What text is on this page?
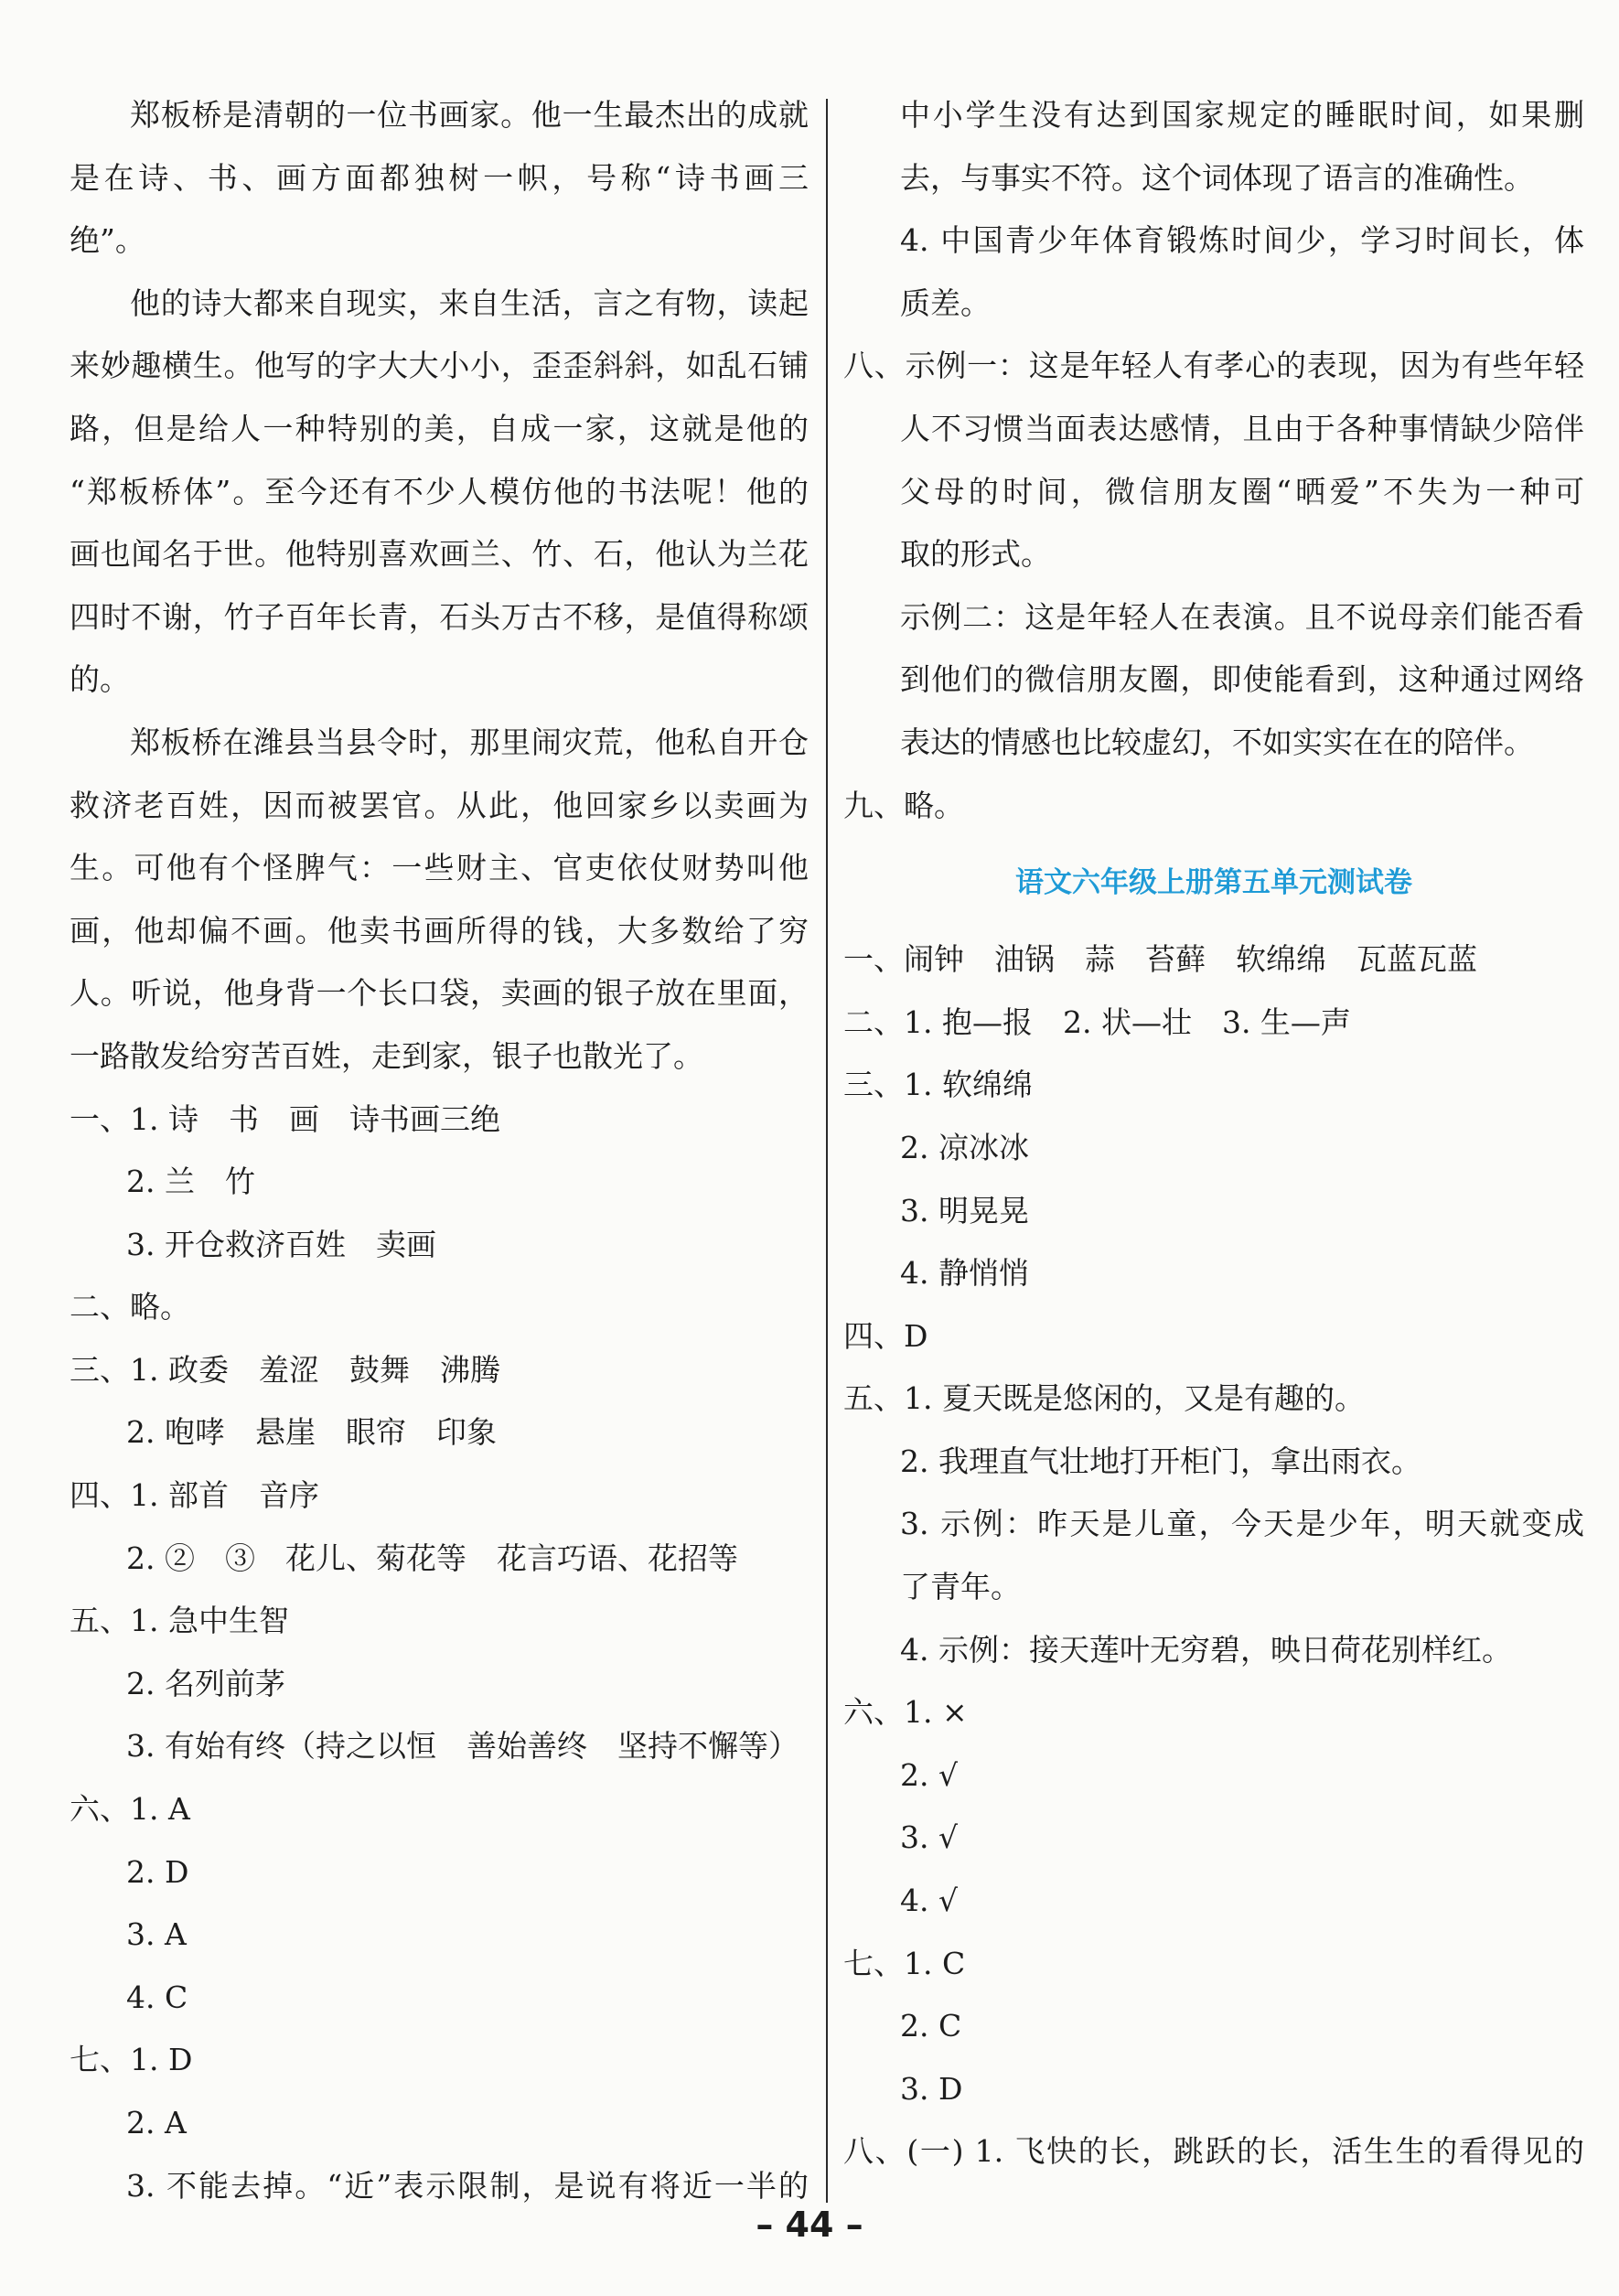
郑板桥是清朝的一位书画家。他一生最杰出的成就
是在诗、书、画方面都独树一帜，号称“诗书画三
绝”。
他的诗大都来自现实，来自生活，言之有物，读起
来妙趣横生。他写的字大大小小，歪歪斜斜，如乱石铺
路，但是给人一种特别的美，自成一家，这就是他的
“郑板桥体”。至今还有不少人模仿他的书法呢！他的
画也闻名于世。他特别喜欢画兰、竹、石，他认为兰花
四时不谢，竹子百年长青，石头万古不移，是值得称颂
的。
郑板桥在潍县当县令时，那里闹灾荒，他私自开仓
救济老百姓，因而被罢官。从此，他回家乡以卖画为
生。可他有个怪脾气：一些财主、官吏依仗财势叫他
画，他却偏不画。他卖书画所得的钱，大多数给了穷
人。听说，他身背一个长口袋，卖画的银子放在里面，
一路散发给穷苦百姓，走到家，银子也散光了。
一、1. 诗　书　画　诗书画三绝
2. 兰　竹
3. 开仓救济百姓　卖画
二、略。
三、1. 政委　羞涩　鼓舞　沸腾
2. 咆哮　悬崖　眼帘　印象
四、1. 部首　音序
2. ②　③　花儿、菊花等　花言巧语、花招等
五、1. 急中生智
2. 名列前茅
3. 有始有终（持之以恒　善始善终　坚持不懈等）
六、1. A
2. D
3. A
4. C
七、1. D
2. A
3. 不能去掉。“近”表示限制，是说有将近一半的
中小学生没有达到国家规定的睡眠时间，如果删
去，与事实不符。这个词体现了语言的准确性。
4. 中国青少年体育锻炼时间少，学习时间长，体
质差。
八、示例一：这是年轻人有孝心的表现，因为有些年轻
人不习惯当面表达感情，且由于各种事情缺少陪伴
父母的时间，微信朋友圈“晒爱”不失为一种可
取的形式。
示例二：这是年轻人在表演。且不说母亲们能否看
到他们的微信朋友圈，即使能看到，这种通过网络
表达的情感也比较虚幻，不如实实在在的陪伴。
九、略。
语文六年级上册第五单元测试卷
一、闹钟　油锅　蒜　苔藓　软绵绵　瓦蓝瓦蓝
二、1. 抱—报　2. 状—壮　3. 生—声
三、1. 软绵绵
2. 凉冰冰
3. 明晃晃
4. 静悄悄
四、D
五、1. 夏天既是悠闲的，又是有趣的。
2. 我理直气壮地打开柜门，拿出雨衣。
3. 示例：昨天是儿童，今天是少年，明天就变成
了青年。
4. 示例：接天莲叶无穷碧，映日荷花别样红。
六、1. ×
2. √
3. √
4. √
七、1. C
2. C
3. D
八、(一) 1. 飞快的长，跳跃的长，活生生的看得见的
– 44 –
